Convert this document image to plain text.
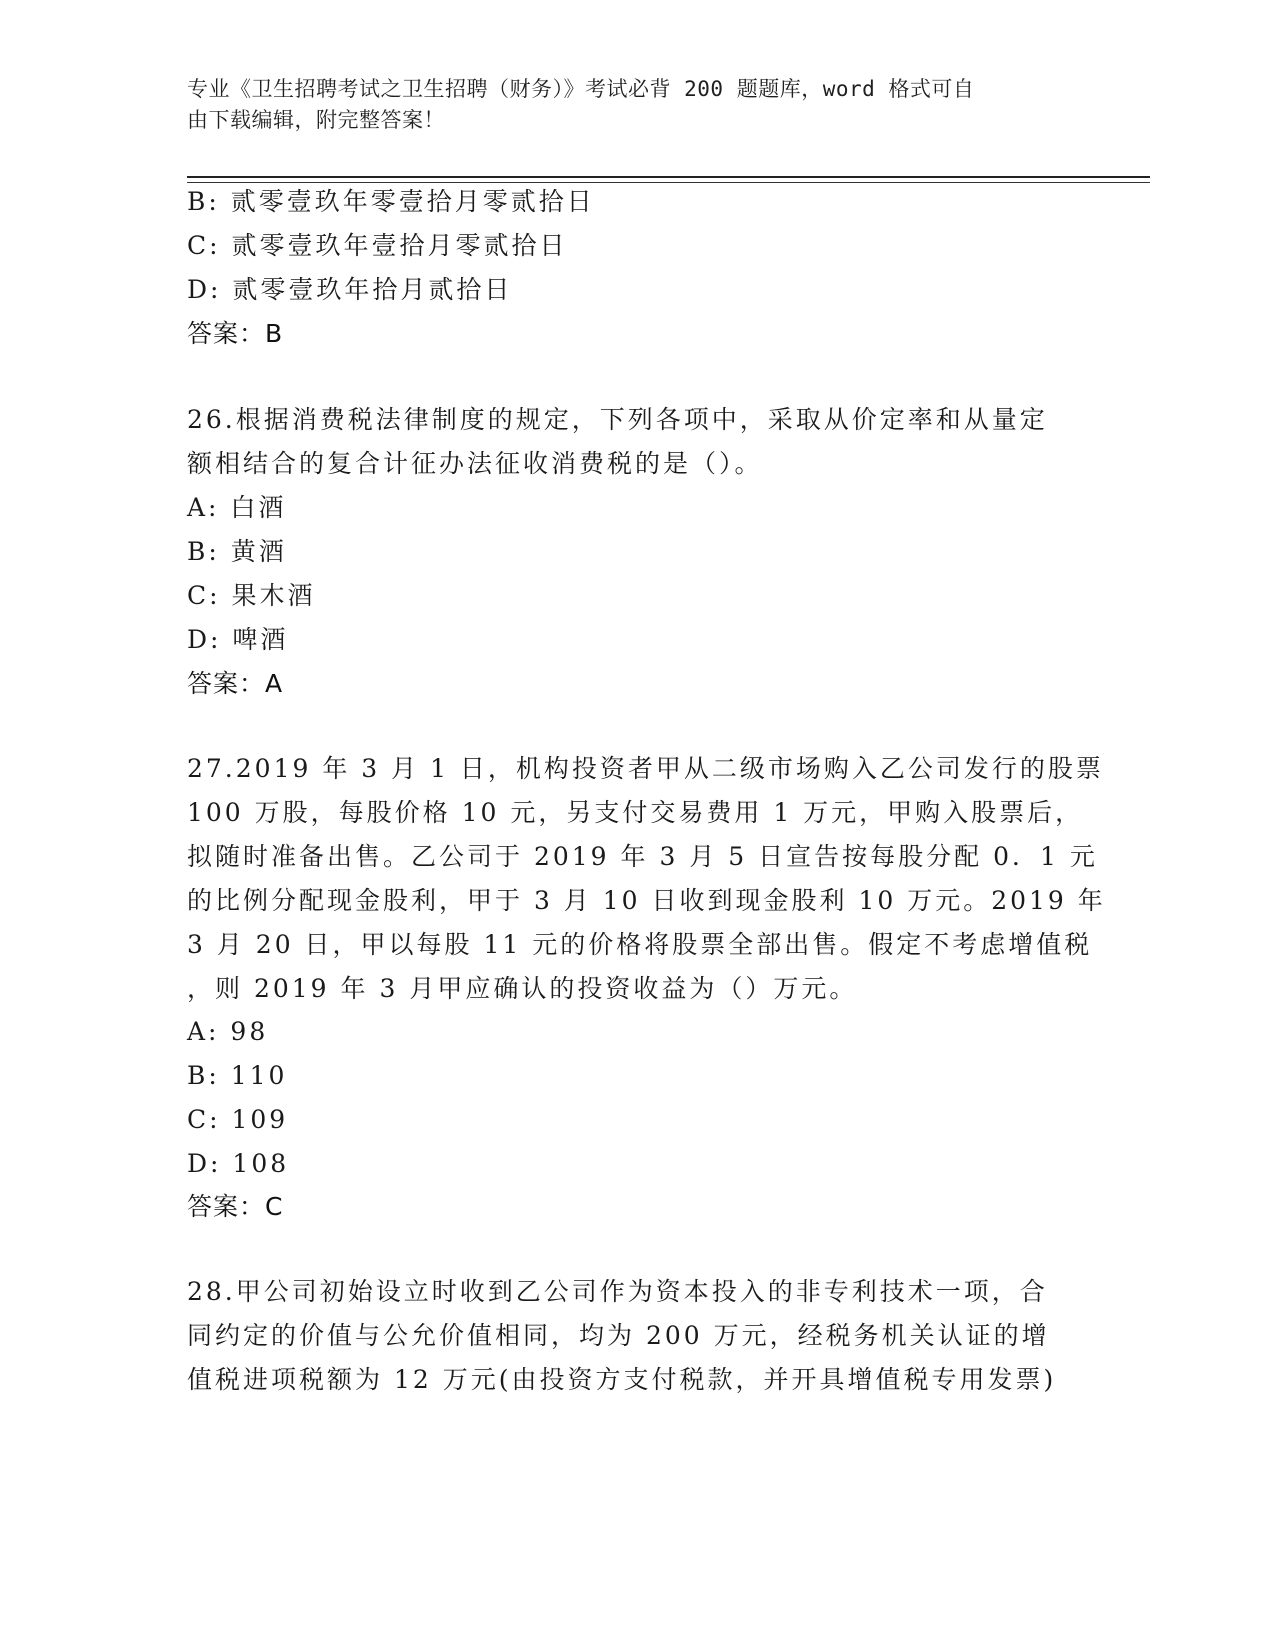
专业《卫生招聘考试之卫生招聘（财务）》考试必背 200 题题库，word 格式可自
由下载编辑，附完整答案！
B: 贰零壹玖年零壹拾月零贰拾日
C: 贰零壹玖年壹拾月零贰拾日
D: 贰零壹玖年拾月贰拾日
答案：B
26.根据消费税法律制度的规定，下列各项中，采取从价定率和从量定
额相结合的复合计征办法征收消费税的是（）。
A: 白酒
B: 黄酒
C: 果木酒
D: 啤酒
答案：A
27.2019 年 3 月 1 日，机构投资者甲从二级市场购入乙公司发行的股票
100 万股，每股价格 10 元，另支付交易费用 1 万元，甲购入股票后，
拟随时准备出售。乙公司于 2019 年 3 月 5 日宣告按每股分配 0．1 元
的比例分配现金股利，甲于 3 月 10 日收到现金股利 10 万元。2019 年
3 月 20 日，甲以每股 11 元的价格将股票全部出售。假定不考虑增值税
，则 2019 年 3 月甲应确认的投资收益为（）万元。
A: 98
B: 110
C: 109
D: 108
答案：C
28.甲公司初始设立时收到乙公司作为资本投入的非专利技术一项，合
同约定的价值与公允价值相同，均为 200 万元，经税务机关认证的增
值税进项税额为 12 万元(由投资方支付税款，并开具增值税专用发票)
